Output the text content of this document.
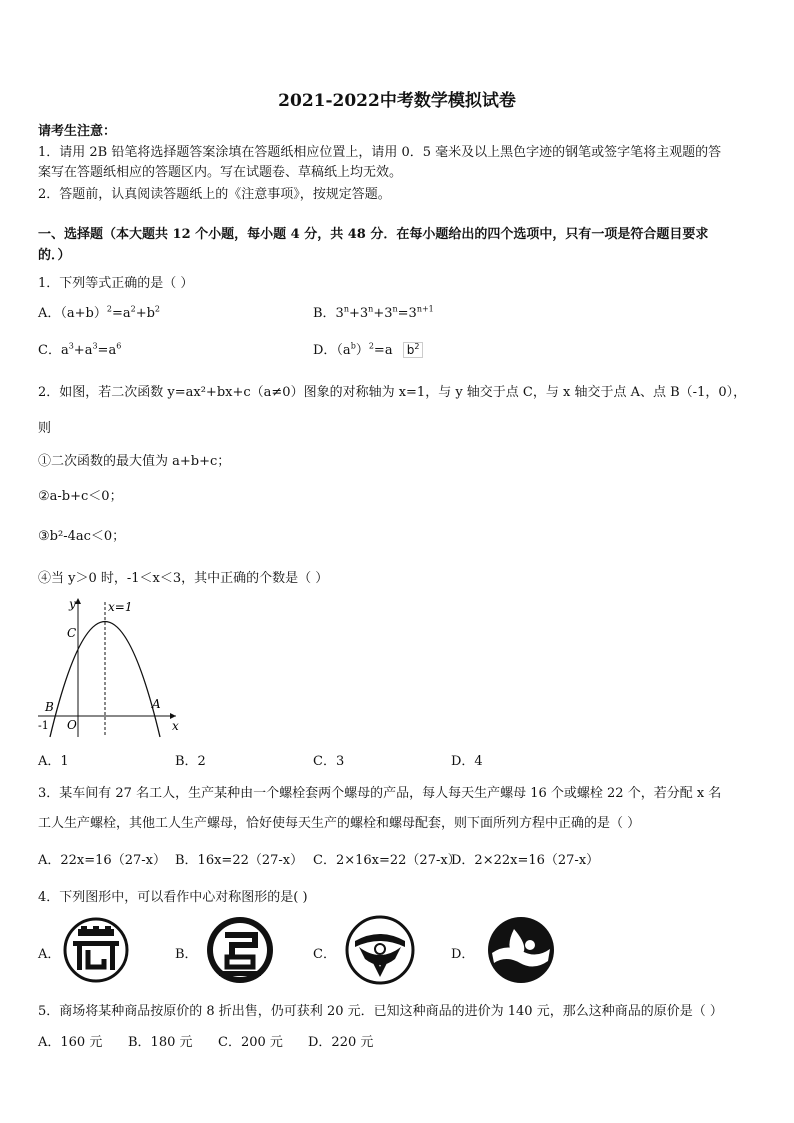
2021-2022中考数学模拟试卷
请考生注意：
1．请用 2B 铅笔将选择题答案涂填在答题纸相应位置上，请用 0．5 毫米及以上黑色字迹的钢笔或签字笔将主观题的答
案写在答题纸相应的答题区内。写在试题卷、草稿纸上均无效。
2．答题前，认真阅读答题纸上的《注意事项》，按规定答题。
一、选择题（本大题共 12 个小题，每小题 4 分，共 48 分．在每小题给出的四个选项中，只有一项是符合题目要求
的．）
1．下列等式正确的是（ ）
A．$(a+b)^2=a^2+b^2$	B．$3^n+3^n+3^n=3^{n+1}$
C．$a^3+a^3=a^6$	D．$(a^b)^2=a$ $b^2$
2．如图，若二次函数 y=ax²+bx+c（a≠0）图象的对称轴为 x=1，与 y 轴交于点 C，与 x 轴交于点 A、点 B（-1，0），
则
①二次函数的最大值为 a+b+c；
②a-b+c＜0；
③b²-4ac＜0；
④当 y＞0 时，-1＜x＜3，其中正确的个数是（ ）
y	x=1
C
B	A
O
-1	x
A．1	B．2	C．3	D．4
3．某车间有 27 名工人，生产某种由一个螺栓套两个螺母的产品，每人每天生产螺母 16 个或螺栓 22 个，若分配 x 名
工人生产螺栓，其他工人生产螺母，恰好使每天生产的螺栓和螺母配套，则下面所列方程中正确的是（ ）
A．22x=16（27-x） B．16x=22（27-x） C．2×16x=22（27-x）
D．2×22x=16（27-x）
4．下列图形中，可以看作中心对称图形的是( )
A．	B．	C．	D．
5．商场将某种商品按原价的 8 折出售，仍可获利 20 元．已知这种商品的进价为 140 元，那么这种商品的原价是（ ）
A．160 元 B．180 元 C．200 元 D．220 元
